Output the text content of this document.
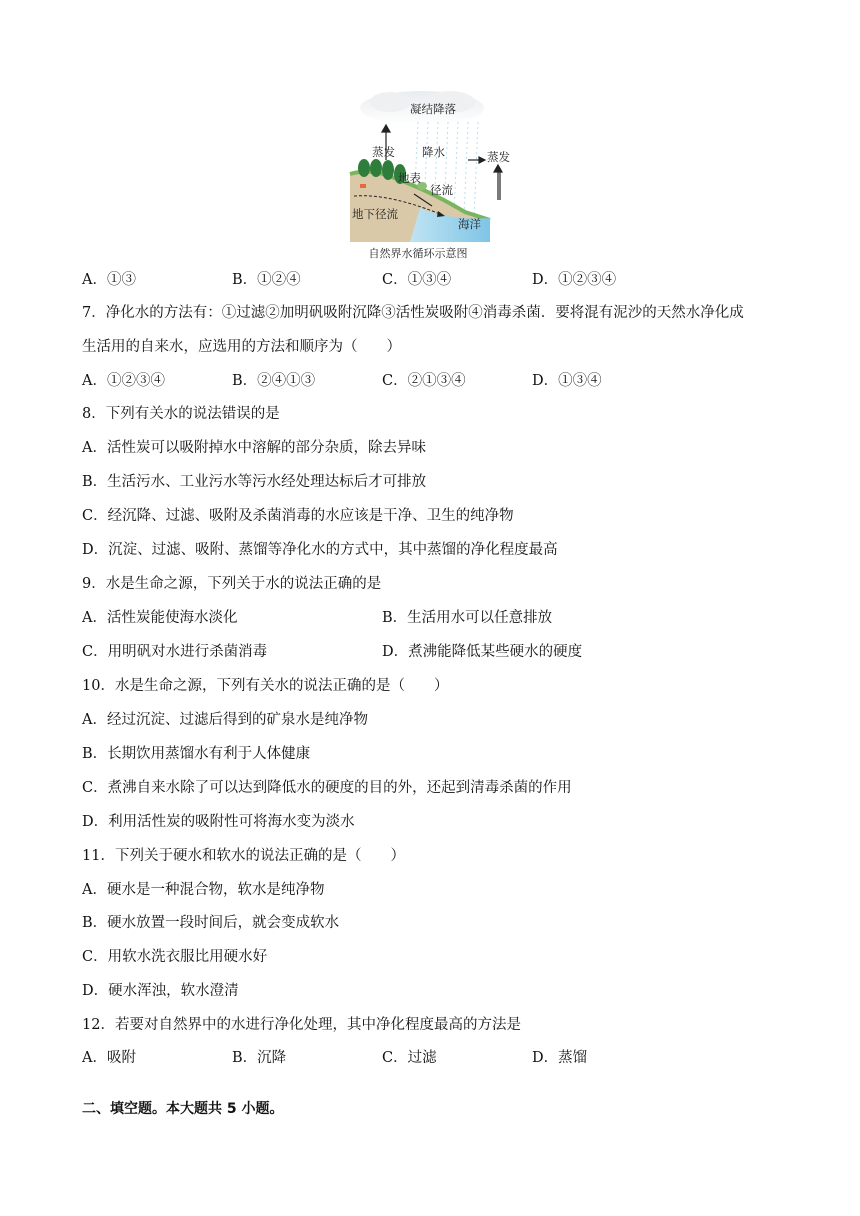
凝结降落
蒸发 降水	蒸发
地表
径流
地下径流
海洋
自然界水循环示意图
A．①③	B．①②④	C．①③④	D．①②③④
7．净化水的方法有：①过滤②加明矾吸附沉降③活性炭吸附④消毒杀菌．要将混有泥沙的天然水净化成
生活用的自来水，应选用的方法和顺序为（　　）
A．①②③④	B．②④①③	C．②①③④	D．①③④
8．下列有关水的说法错误的是
A．活性炭可以吸附掉水中溶解的部分杂质，除去异味
B．生活污水、工业污水等污水经处理达标后才可排放
C．经沉降、过滤、吸附及杀菌消毒的水应该是干净、卫生的纯净物
D．沉淀、过滤、吸附、蒸馏等净化水的方式中，其中蒸馏的净化程度最高
9．水是生命之源，下列关于水的说法正确的是
A．活性炭能使海水淡化	B．生活用水可以任意排放
C．用明矾对水进行杀菌消毒	D．煮沸能降低某些硬水的硬度
10．水是生命之源，下列有关水的说法正确的是（　　）
A．经过沉淀、过滤后得到的矿泉水是纯净物
B．长期饮用蒸馏水有利于人体健康
C．煮沸自来水除了可以达到降低水的硬度的目的外，还起到清毒杀菌的作用
D．利用活性炭的吸附性可将海水变为淡水
11．下列关于硬水和软水的说法正确的是（　　）
A．硬水是一种混合物，软水是纯净物
B．硬水放置一段时间后，就会变成软水
C．用软水洗衣服比用硬水好
D．硬水浑浊，软水澄清
12．若要对自然界中的水进行净化处理，其中净化程度最高的方法是
A．吸附	B．沉降	C．过滤	D．蒸馏
二、填空题。本大题共 5 小题。
